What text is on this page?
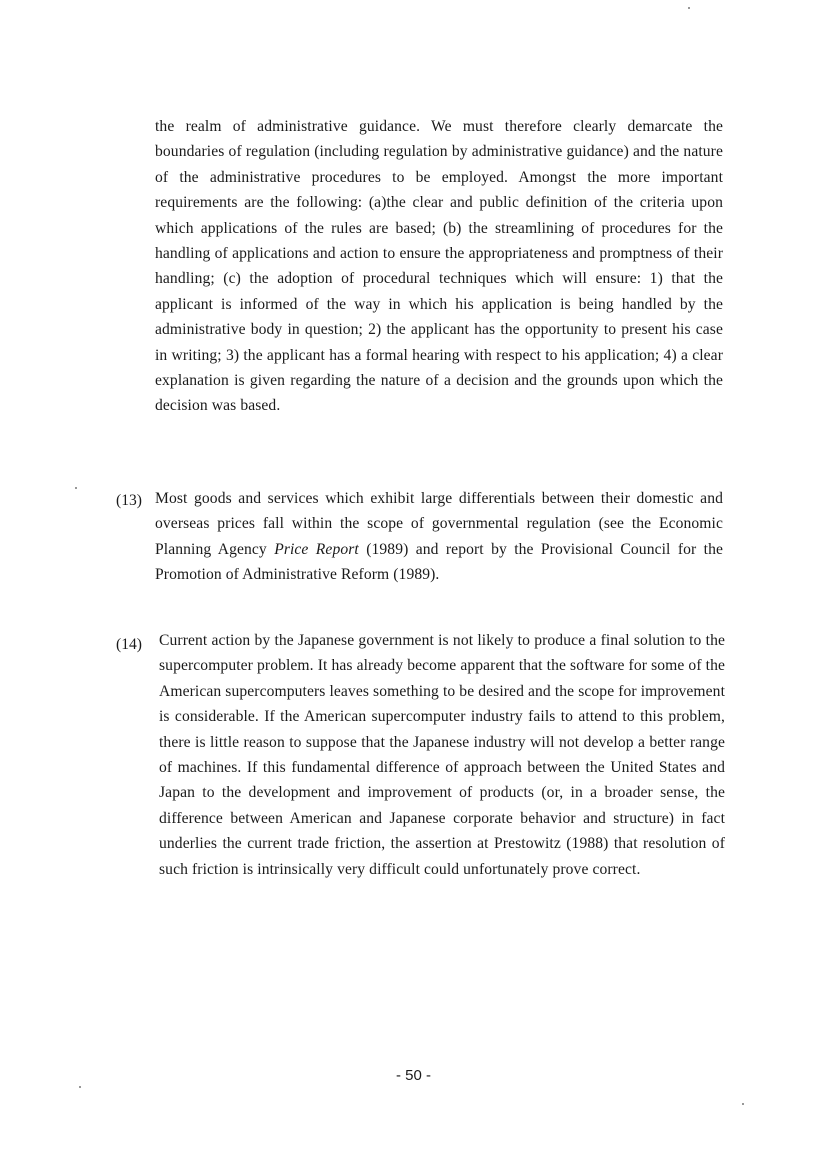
the realm of administrative guidance. We must therefore clearly demarcate the boundaries of regulation (including regulation by administrative guidance) and the nature of the administrative procedures to be employed. Amongst the more important requirements are the following: (a)the clear and public definition of the criteria upon which applications of the rules are based; (b) the streamlining of procedures for the handling of applications and action to ensure the appropriateness and promptness of their handling; (c) the adoption of procedural techniques which will ensure: 1) that the applicant is informed of the way in which his application is being handled by the administrative body in question; 2) the applicant has the opportunity to present his case in writing; 3) the applicant has a formal hearing with respect to his application; 4) a clear explanation is given regarding the nature of a decision and the grounds upon which the decision was based.

(13) Most goods and services which exhibit large differentials between their domestic and overseas prices fall within the scope of governmental regulation (see the Economic Planning Agency Price Report (1989) and report by the Provisional Council for the Promotion of Administrative Reform (1989).

(14) Current action by the Japanese government is not likely to produce a final solution to the supercomputer problem. It has already become apparent that the software for some of the American supercomputers leaves something to be desired and the scope for improvement is considerable. If the American supercomputer industry fails to attend to this problem, there is little reason to suppose that the Japanese industry will not develop a better range of machines. If this fundamental difference of approach between the United States and Japan to the development and improvement of products (or, in a broader sense, the difference between American and Japanese corporate behavior and structure) in fact underlies the current trade friction, the assertion at Prestowitz (1988) that resolution of such friction is intrinsically very difficult could unfortunately prove correct.

- 50 -
